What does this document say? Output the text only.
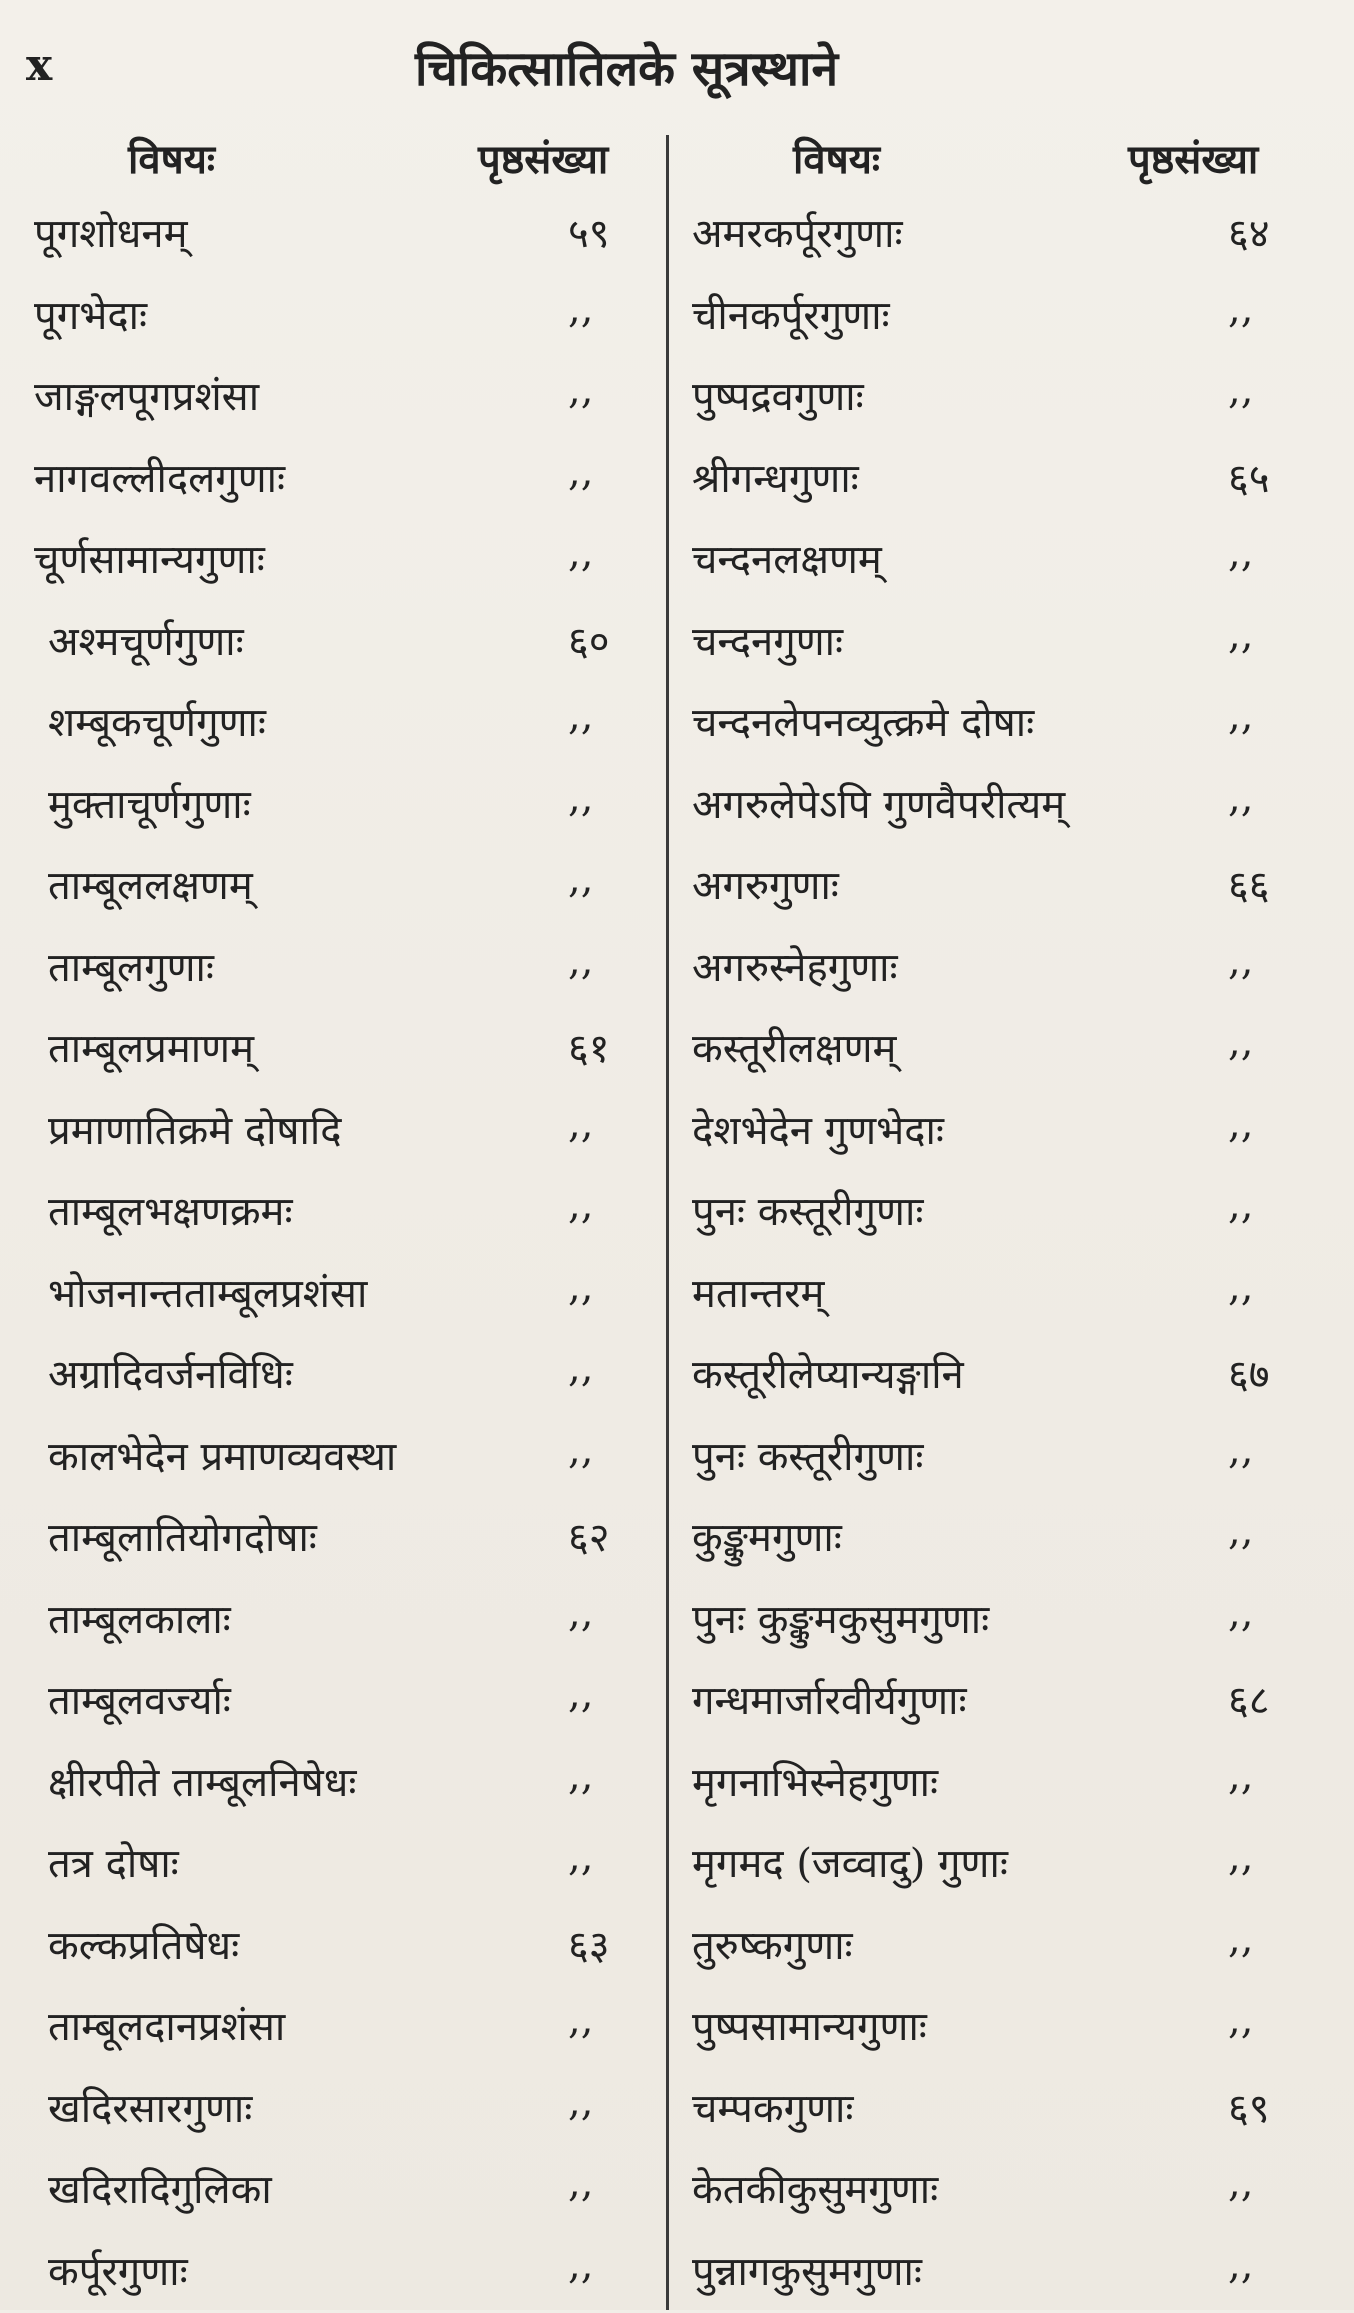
x	चिकित्सातिलके सूत्रस्थाने
विषयः	पृष्ठसंख्या
पूगशोधनम्	५९
पूगभेदाः	,,
जाङ्गलपूगप्रशंसा	,,
नागवल्लीदलगुणाः	,,
चूर्णसामान्यगुणाः	,,
अश्मचूर्णगुणाः	६०
शम्बूकचूर्णगुणाः	,,
मुक्ताचूर्णगुणाः	,,
ताम्बूललक्षणम्	,,
ताम्बूलगुणाः	,,
ताम्बूलप्रमाणम्	६१
प्रमाणातिक्रमे दोषादि	,,
ताम्बूलभक्षणक्रमः	,,
भोजनान्तताम्बूलप्रशंसा	,,
अग्रादिवर्जनविधिः	,,
कालभेदेन प्रमाणव्यवस्था	,,
ताम्बूलातियोगदोषाः	६२
ताम्बूलकालाः	,,
ताम्बूलवर्ज्याः	,,
क्षीरपीते ताम्बूलनिषेधः	,,
तत्र दोषाः	,,
कल्कप्रतिषेधः	६३
ताम्बूलदानप्रशंसा	,,
खदिरसारगुणाः	,,
खदिरादिगुलिका	,,
कर्पूरगुणाः	,,
विषयः	पृष्ठसंख्या
अमरकर्पूरगुणाः	६४
चीनकर्पूरगुणाः	,,
पुष्पद्रवगुणाः	,,
श्रीगन्धगुणाः	६५
चन्दनलक्षणम्	,,
चन्दनगुणाः	,,
चन्दनलेपनव्युत्क्रमे दोषाः	,,
अगरुलेपेऽपि गुणवैपरीत्यम्	,,
अगरुगुणाः	६६
अगरुस्नेहगुणाः	,,
कस्तूरीलक्षणम्	,,
देशभेदेन गुणभेदाः	,,
पुनः कस्तूरीगुणाः	,,
मतान्तरम्	,,
कस्तूरीलेप्यान्यङ्गानि	६७
पुनः कस्तूरीगुणाः	,,
कुङ्कुमगुणाः	,,
पुनः कुङ्कुमकुसुमगुणाः	,,
गन्धमार्जारवीर्यगुणाः	६८
मृगनाभिस्नेहगुणाः	,,
मृगमद (जव्वादु) गुणाः	,,
तुरुष्कगुणाः	,,
पुष्पसामान्यगुणाः	,,
चम्पकगुणाः	६९
केतकीकुसुमगुणाः	,,
पुन्नागकुसुमगुणाः	,,
